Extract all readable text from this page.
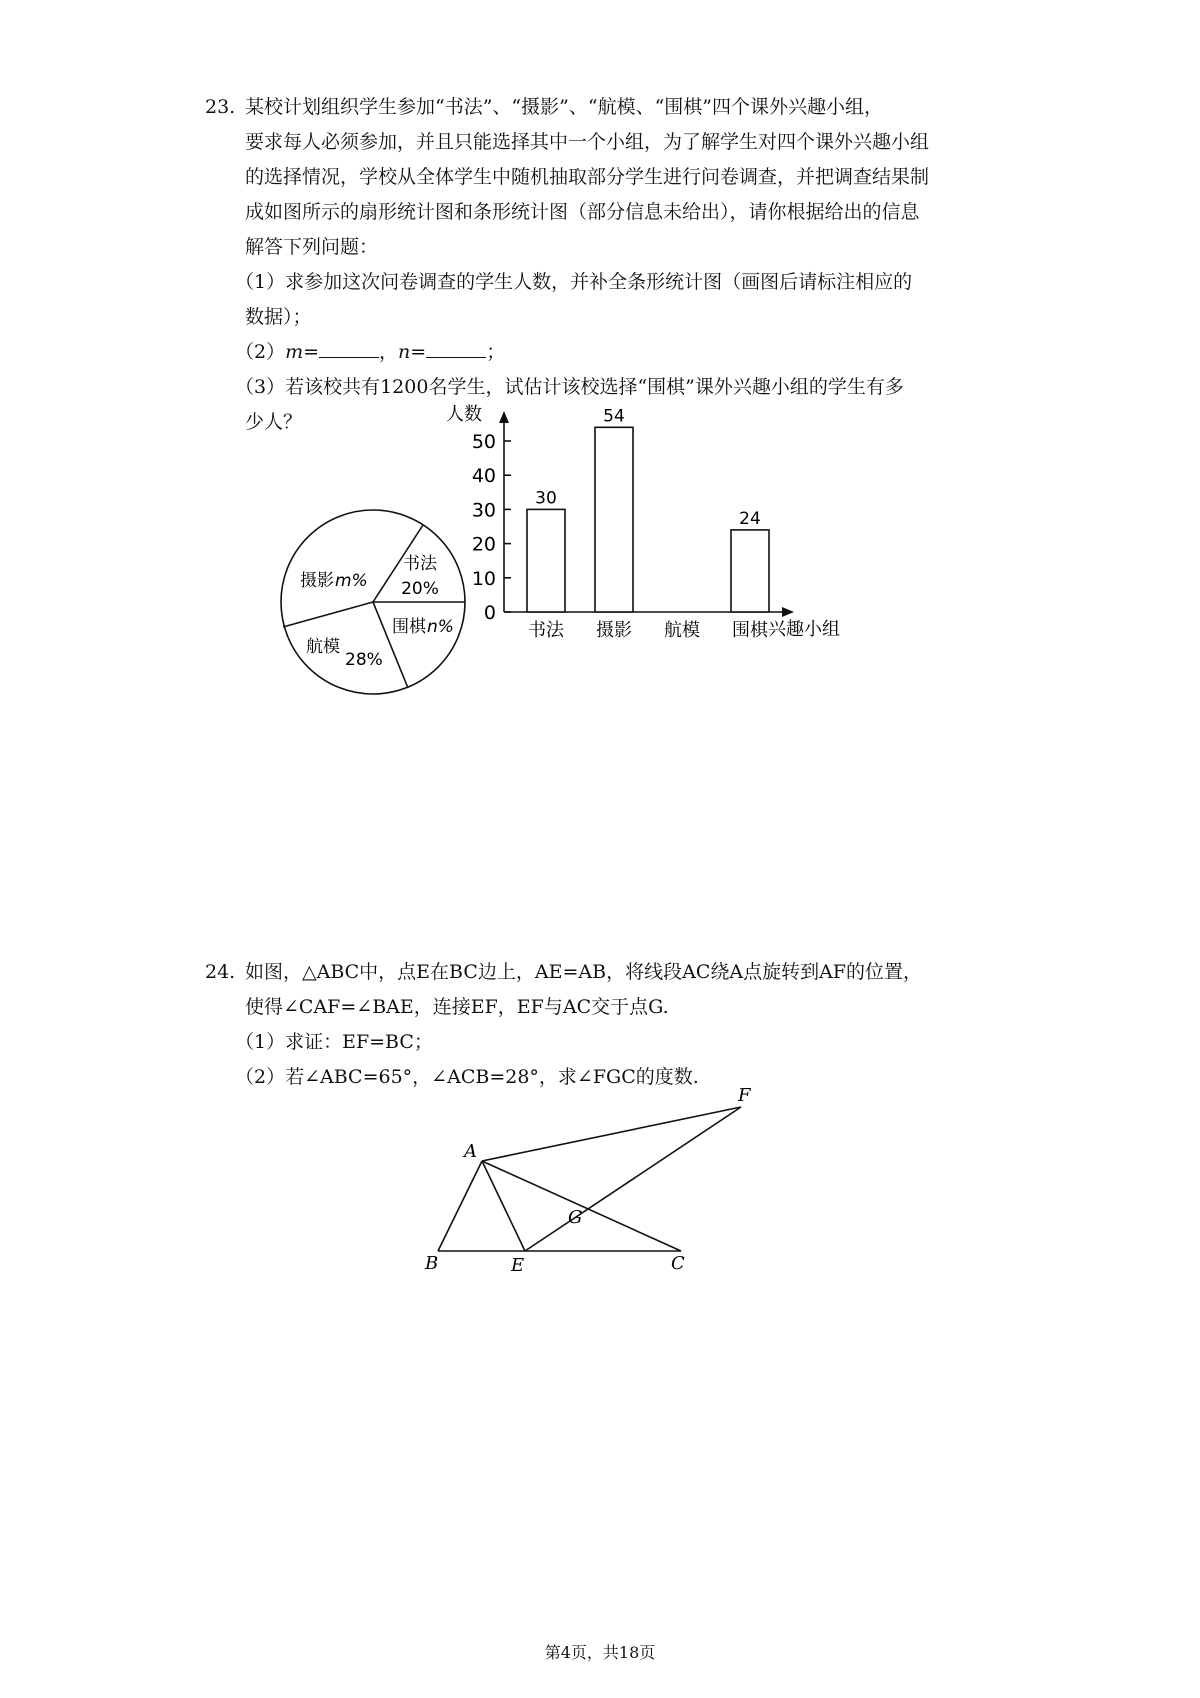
23. 某校计划组织学生参加“书法”、“摄影”、“航模、“围棋”四个课外兴趣小组，
要求每人必须参加，并且只能选择其中一个小组，为了解学生对四个课外兴趣小组
的选择情况，学校从全体学生中随机抽取部分学生进行问卷调查，并把调查结果制
成如图所示的扇形统计图和条形统计图（部分信息未给出），请你根据给出的信息
解答下列问题：
（1）求参加这次问卷调查的学生人数，并补全条形统计图（画图后请标注相应的
数据）；
（2）m=	，n=	；
（3）若该校共有1200名学生，试估计该校选择“围棋”课外兴趣小组的学生有多
少人？
书法
20%
围棋 n%
航模
28%
摄影 m%
人数
兴趣小组
0
10
20
30
40
50
30
书法
54
摄影 航模
24
围棋
24. 如图，△ABC中，点E在BC边上，AE=AB，将线段AC绕A点旋转到AF的位置，
使得∠CAF=∠BAE，连接EF，EF与AC交于点G.
（1）求证：EF=BC；
（2）若∠ABC=65°，∠ACB=28°，求∠FGC的度数.
A
B	C
E
F
G
第4页，共18页
